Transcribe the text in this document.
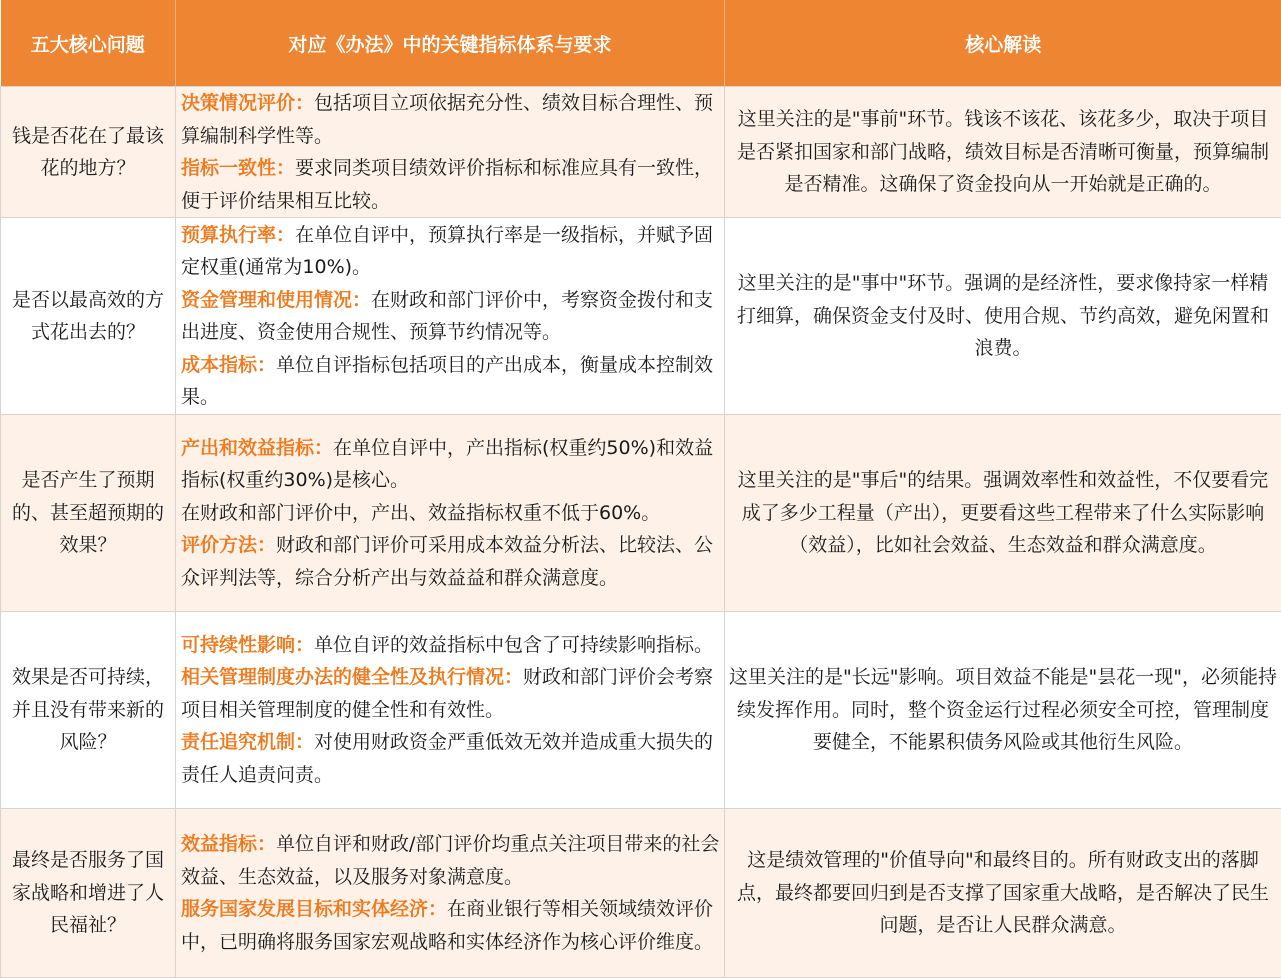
五大核心问题	对应《办法》中的关键指标体系与要求	核心解读
钱是否花在了最该花的地方？	决策情况评价：包括项目立项依据充分性、绩效目标合理性、预算编制科学性等。
指标一致性：要求同类项目绩效评价指标和标准应具有一致性，便于评价结果相互比较。	这里关注的是"事前"环节。钱该不该花、该花多少，取决于项目是否紧扣国家和部门战略，绩效目标是否清晰可衡量，预算编制是否精准。这确保了资金投向从一开始就是正确的。
是否以最高效的方式花出去的？	预算执行率：在单位自评中，预算执行率是一级指标，并赋予固定权重(通常为10%)。
资金管理和使用情况：在财政和部门评价中，考察资金拨付和支出进度、资金使用合规性、预算节约情况等。
成本指标：单位自评指标包括项目的产出成本，衡量成本控制效果。	这里关注的是"事中"环节。强调的是经济性，要求像持家一样精打细算，确保资金支付及时、使用合规、节约高效，避免闲置和浪费。
是否产生了预期的、甚至超预期的效果？	产出和效益指标：在单位自评中，产出指标(权重约50%)和效益指标(权重约30%)是核心。
在财政和部门评价中，产出、效益指标权重不低于60%。
评价方法：财政和部门评价可采用成本效益分析法、比较法、公众评判法等，综合分析产出与效益益和群众满意度。	这里关注的是"事后"的结果。强调效率性和效益性，不仅要看完成了多少工程量（产出），更要看这些工程带来了什么实际影响（效益），比如社会效益、生态效益和群众满意度。
效果是否可持续，并且没有带来新的风险？	可持续性影响：单位自评的效益指标中包含了可持续影响指标。
相关管理制度办法的健全性及执行情况：财政和部门评价会考察项目相关管理制度的健全性和有效性。
责任追究机制：对使用财政资金严重低效无效并造成重大损失的责任人追责问责。	这里关注的是"长远"影响。项目效益不能是"昙花一现"，必须能持续发挥作用。同时，整个资金运行过程必须安全可控，管理制度要健全，不能累积债务风险或其他衍生风险。
最终是否服务了国家战略和增进了人民福祉？	效益指标：单位自评和财政/部门评价均重点关注项目带来的社会效益、生态效益，以及服务对象满意度。
服务国家发展目标和实体经济：在商业银行等相关领域绩效评价中，已明确将服务国家宏观战略和实体经济作为核心评价维度。	这是绩效管理的"价值导向"和最终目的。所有财政支出的落脚点，最终都要回归到是否支撑了国家重大战略，是否解决了民生问题，是否让人民群众满意。
